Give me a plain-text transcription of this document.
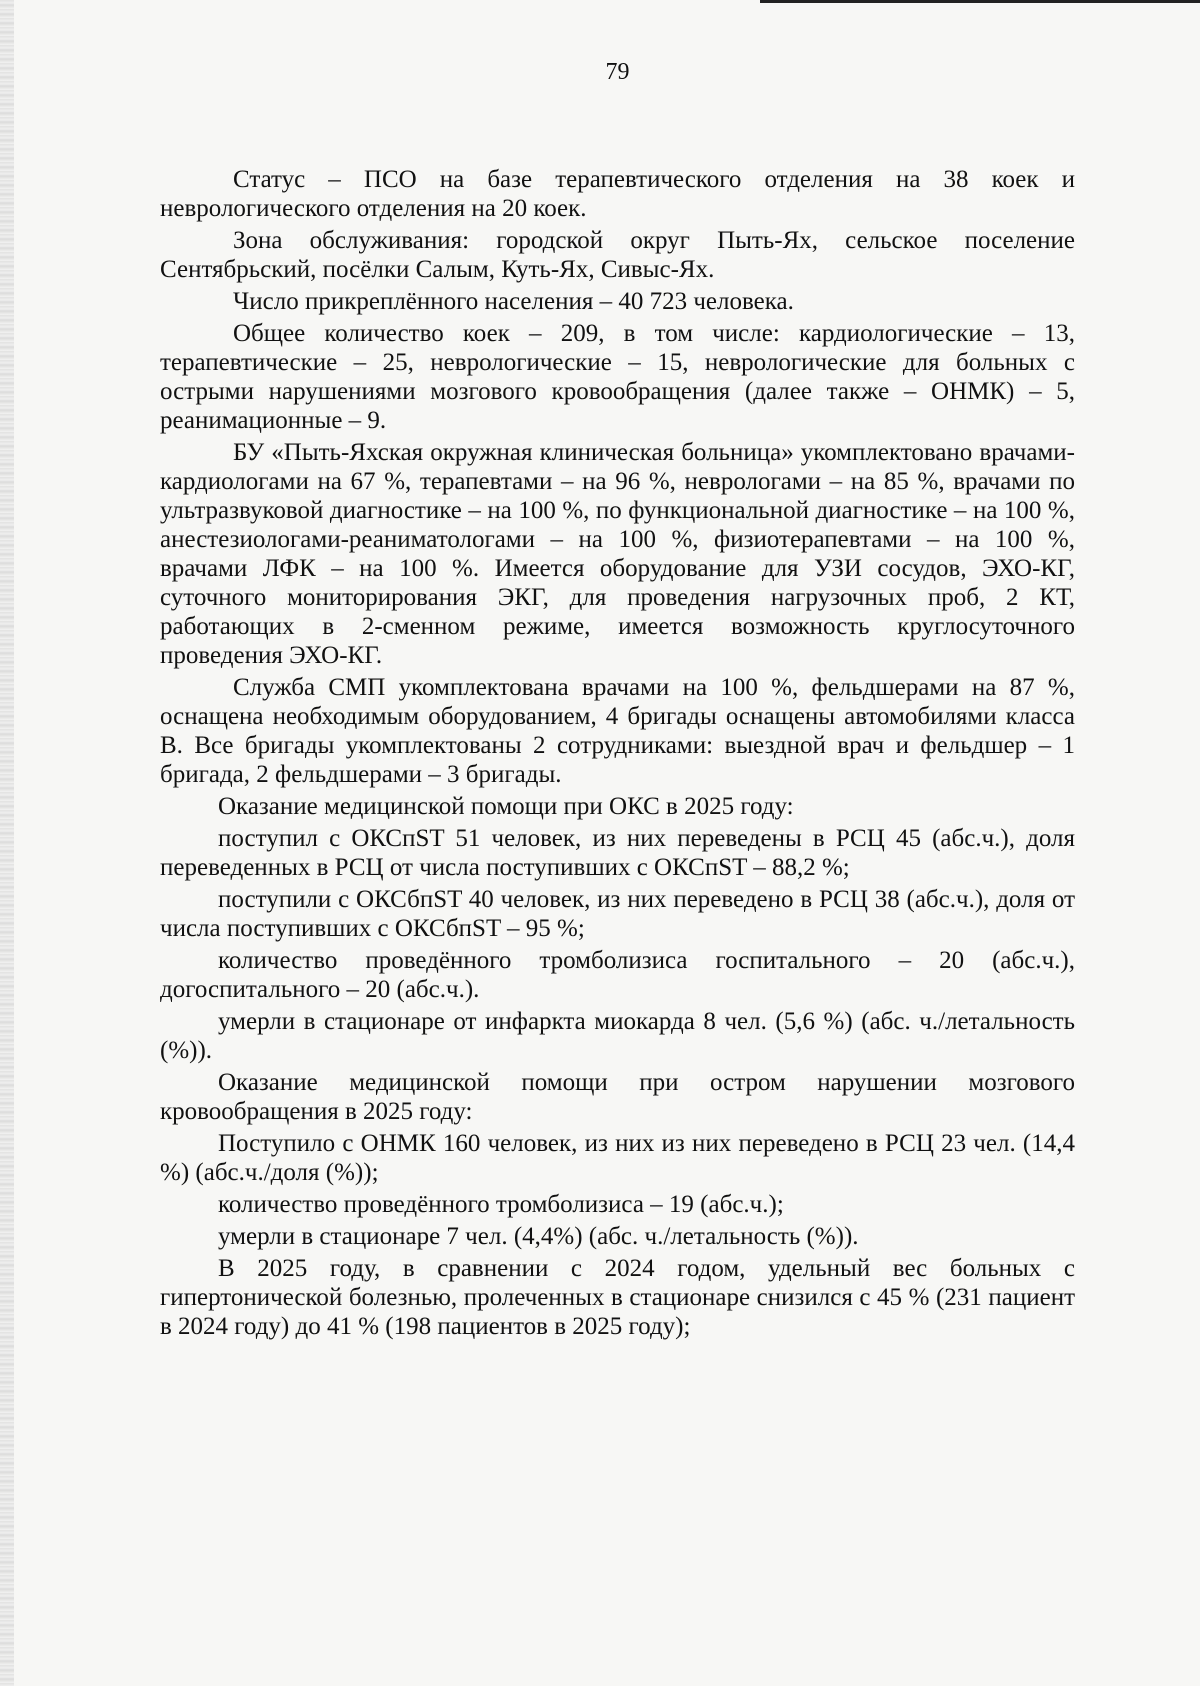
79

Статус – ПСО на базе терапевтического отделения на 38 коек и неврологического отделения на 20 коек.

Зона обслуживания: городской округ Пыть-Ях, сельское поселение Сентябрьский, посёлки Салым, Куть-Ях, Сивыс-Ях.

Число прикреплённого населения – 40 723 человека.

Общее количество коек – 209, в том числе: кардиологические – 13, терапевтические – 25, неврологические – 15, неврологические для больных с острыми нарушениями мозгового кровообращения (далее также – ОНМК) – 5, реанимационные – 9.

БУ «Пыть-Яхская окружная клиническая больница» укомплектовано врачами-кардиологами на 67 %, терапевтами – на 96 %, неврологами – на 85 %, врачами по ультразвуковой диагностике – на 100 %, по функциональной диагностике – на 100 %, анестезиологами-реаниматологами – на 100 %, физиотерапевтами – на 100 %, врачами ЛФК – на 100 %. Имеется оборудование для УЗИ сосудов, ЭХО-КГ, суточного мониторирования ЭКГ, для проведения нагрузочных проб, 2 КТ, работающих в 2-сменном режиме, имеется возможность круглосуточного проведения ЭХО-КГ.

Служба СМП укомплектована врачами на 100 %, фельдшерами на 87 %, оснащена необходимым оборудованием, 4 бригады оснащены автомобилями класса В. Все бригады укомплектованы 2 сотрудниками: выездной врач и фельдшер – 1 бригада, 2 фельдшерами – 3 бригады.

Оказание медицинской помощи при ОКС в 2025 году:

поступил с ОКСпST 51 человек, из них переведены в РСЦ 45 (абс.ч.), доля переведенных в РСЦ от числа поступивших с ОКСпST – 88,2 %;

поступили с ОКСбпST 40 человек, из них переведено в РСЦ 38 (абс.ч.), доля от числа поступивших с ОКСбпST – 95 %;

количество проведённого тромболизиса госпитального – 20 (абс.ч.), догоспитального – 20 (абс.ч.).

умерли в стационаре от инфаркта миокарда 8 чел. (5,6 %) (абс. ч./летальность (%)).

Оказание медицинской помощи при остром нарушении мозгового кровообращения в 2025 году:

Поступило с ОНМК 160 человек, из них из них переведено в РСЦ 23 чел. (14,4 %) (абс.ч./доля (%));

количество проведённого тромболизиса – 19 (абс.ч.);

умерли в стационаре 7 чел. (4,4%) (абс. ч./летальность (%)).

В 2025 году, в сравнении с 2024 годом, удельный вес больных с гипертонической болезнью, пролеченных в стационаре снизился с 45 % (231 пациент в 2024 году) до 41 % (198 пациентов в 2025 году);
